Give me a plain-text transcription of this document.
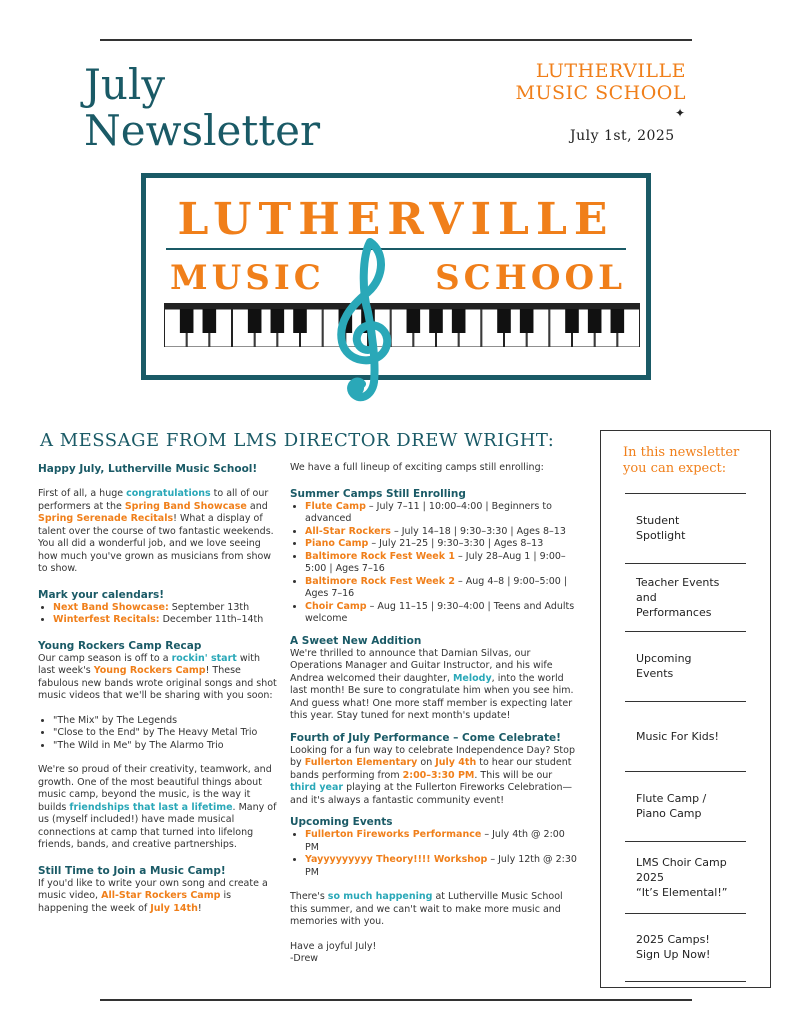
July
Newsletter
LUTHERVILLE
MUSIC SCHOOL
✦
July 1st, 2025
LUTHERVILLE
MUSIC	SCHOOL
A MESSAGE FROM LMS DIRECTOR DREW WRIGHT:
Happy July, Lutherville Music School!

First of all, a huge congratulations to all of our performers at the Spring Band Showcase and Spring Serenade Recitals! What a display of talent over the course of two fantastic weekends. You all did a wonderful job, and we love seeing how much you've grown as musicians from show to show.

Mark your calendars!
• Next Band Showcase: September 13th
• Winterfest Recitals: December 11th–14th
Young Rockers Camp Recap

Our camp season is off to a rockin' start with last week's Young Rockers Camp! These fabulous new bands wrote original songs and shot music videos that we'll be sharing with you soon:

• "The Mix" by The Legends
• "Close to the End" by The Heavy Metal Trio
• "The Wild in Me" by The Alarmo Trio

We're so proud of their creativity, teamwork, and growth. One of the most beautiful things about music camp, beyond the music, is the way it builds friendships that last a lifetime. Many of us (myself included!) have made musical connections at camp that turned into lifelong friends, bands, and creative partnerships.

Still Time to Join a Music Camp!

If you'd like to write your own song and create a music video, All-Star Rockers Camp is happening the week of July 14th!

We have a full lineup of exciting camps still enrolling:

Summer Camps Still Enrolling
• Flute Camp – July 7–11 | 10:00–4:00 | Beginners to advanced
• All-Star Rockers – July 14–18 | 9:30–3:30 | Ages 8–13
• Piano Camp – July 21–25 | 9:30–3:30 | Ages 8–13
• Baltimore Rock Fest Week 1 – July 28–Aug 1 | 9:00–5:00 | Ages 7–16
• Baltimore Rock Fest Week 2 – Aug 4–8 | 9:00–5:00 | Ages 7–16
• Choir Camp – Aug 11–15 | 9:30–4:00 | Teens and Adults welcome
A Sweet New Addition

We're thrilled to announce that Damian Silvas, our Operations Manager and Guitar Instructor, and his wife Andrea welcomed their daughter, Melody, into the world last month! Be sure to congratulate him when you see him. And guess what! One more staff member is expecting later this year. Stay tuned for next month's update!

Fourth of July Performance – Come Celebrate!

Looking for a fun way to celebrate Independence Day? Stop by Fullerton Elementary on July 4th to hear our student bands performing from 2:00–3:30 PM. This will be our third year playing at the Fullerton Fireworks Celebration—and it's always a fantastic community event!

Upcoming Events
• Fullerton Fireworks Performance – July 4th @ 2:00 PM
• Yayyyyyyyyy Theory!!!! Workshop – July 12th @ 2:30 PM

There's so much happening at Lutherville Music School this summer, and we can't wait to make more music and memories with you.

Have a joyful July!

-Drew

In this newsletter
you can expect:
Student
Spotlight
Teacher Events
and
Performances
Upcoming
Events
Music For Kids!
Flute Camp /
Piano Camp
LMS Choir Camp
2025
“It’s Elemental!”
2025 Camps!
Sign Up Now!
